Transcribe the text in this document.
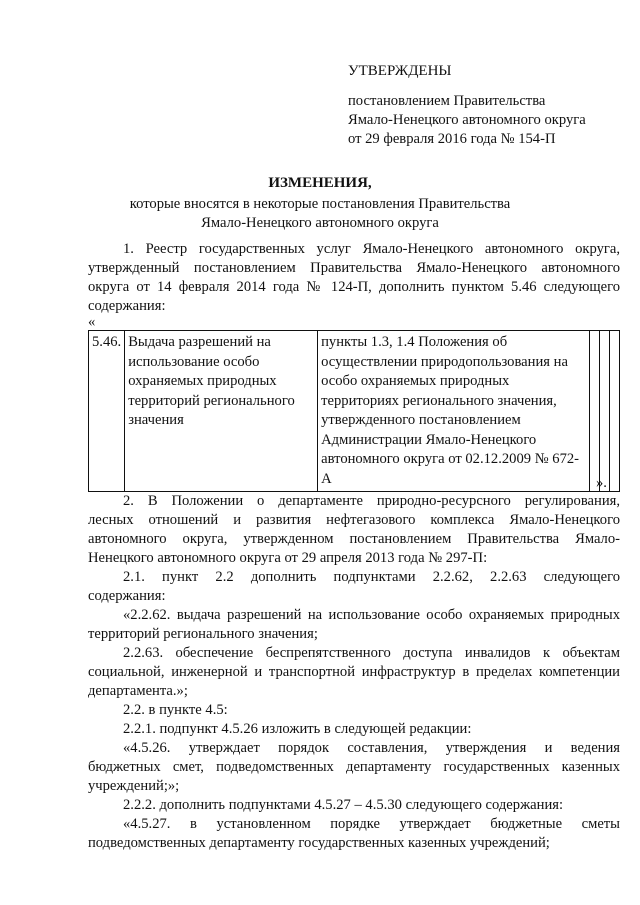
УТВЕРЖДЕНЫ
постановлением Правительства
Ямало-Ненецкого автономного округа
от 29 февраля 2016 года № 154-П
ИЗМЕНЕНИЯ,
которые вносятся в некоторые постановления Правительства
Ямало-Ненецкого автономного округа
1. Реестр государственных услуг Ямало-Ненецкого автономного округа,
утвержденный постановлением Правительства Ямало-Ненецкого автономного
округа от 14 февраля 2014 года № 124-П, дополнить пунктом 5.46 следующего
содержания:
«
5.46.	Выдача разрешений на использование особо охраняемых природных территорий регионального значения	пункты 1.3, 1.4 Положения об осуществлении природопользования на особо охраняемых природных территориях регионального значения, утвержденного постановлением Администрации Ямало-Ненецкого автономного округа от 02.12.2009 № 672-А				».
2. В Положении о департаменте природно-ресурсного регулирования,
лесных отношений и развития нефтегазового комплекса Ямало-Ненецкого
автономного округа, утвержденном постановлением Правительства Ямало-
Ненецкого автономного округа от 29 апреля 2013 года № 297-П:
2.1. пункт 2.2 дополнить подпунктами 2.2.62, 2.2.63 следующего
содержания:
«2.2.62. выдача разрешений на использование особо охраняемых природных
территорий регионального значения;
2.2.63. обеспечение беспрепятственного доступа инвалидов к объектам
социальной, инженерной и транспортной инфраструктур в пределах компетенции
департамента.»;
2.2. в пункте 4.5:
2.2.1. подпункт 4.5.26 изложить в следующей редакции:
«4.5.26. утверждает порядок составления, утверждения и ведения
бюджетных смет, подведомственных департаменту государственных казенных
учреждений;»;
2.2.2. дополнить подпунктами 4.5.27 – 4.5.30 следующего содержания:
«4.5.27. в установленном порядке утверждает бюджетные сметы
подведомственных департаменту государственных казенных учреждений;
